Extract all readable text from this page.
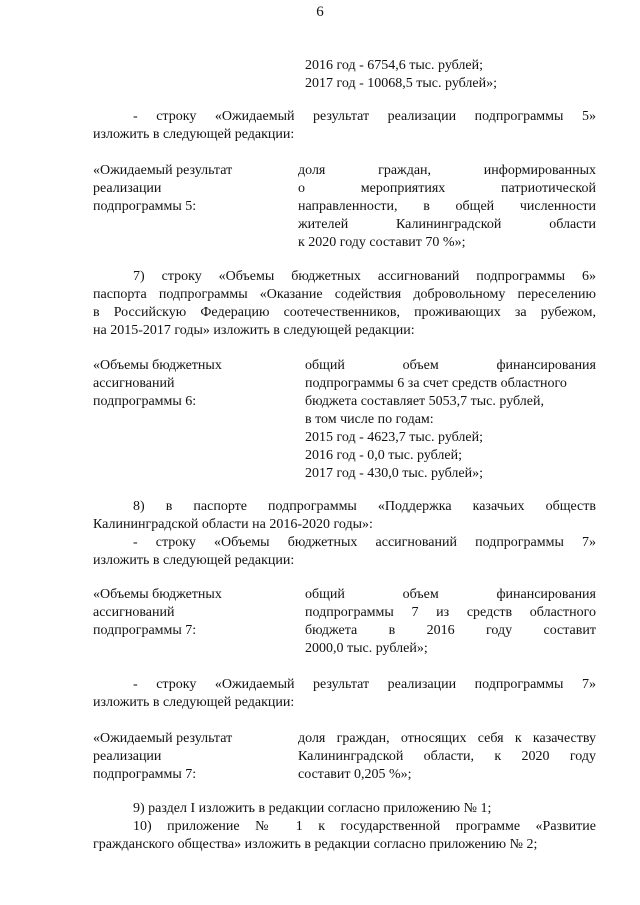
6
2016 год - 6754,6 тыс. рублей;
2017 год - 10068,5 тыс. рублей»;
- строку «Ожидаемый результат реализации подпрограммы 5»
изложить в следующей редакции:
«Ожидаемый результат
реализации
подпрограммы 5:
доля граждан, информированных
о мероприятиях патриотической
направленности, в общей численности
жителей Калининградской области
к 2020 году составит 70 %»;
7) строку «Объемы бюджетных ассигнований подпрограммы 6»
паспорта подпрограммы «Оказание содействия добровольному переселению
в Российскую Федерацию соотечественников, проживающих за рубежом,
на 2015-2017 годы» изложить в следующей редакции:
«Объемы бюджетных
ассигнований
подпрограммы 6:
общий объем финансирования
подпрограммы 6 за счет средств областного
бюджета составляет 5053,7 тыс. рублей,
в том числе по годам:
2015 год - 4623,7 тыс. рублей;
2016 год - 0,0 тыс. рублей;
2017 год - 430,0 тыс. рублей»;
8) в паспорте подпрограммы «Поддержка казачьих обществ
Калининградской области на 2016-2020 годы»:
- строку «Объемы бюджетных ассигнований подпрограммы 7»
изложить в следующей редакции:
«Объемы бюджетных
ассигнований
подпрограммы 7:
общий объем финансирования
подпрограммы 7 из средств областного
бюджета в 2016 году составит
2000,0 тыс. рублей»;
- строку «Ожидаемый результат реализации подпрограммы 7»
изложить в следующей редакции:
«Ожидаемый результат
реализации
подпрограммы 7:
доля граждан, относящих себя к казачеству
Калининградской области, к 2020 году
составит 0,205 %»;
9) раздел I изложить в редакции согласно приложению № 1;
10) приложение № 1 к государственной программе «Развитие
гражданского общества» изложить в редакции согласно приложению № 2;
